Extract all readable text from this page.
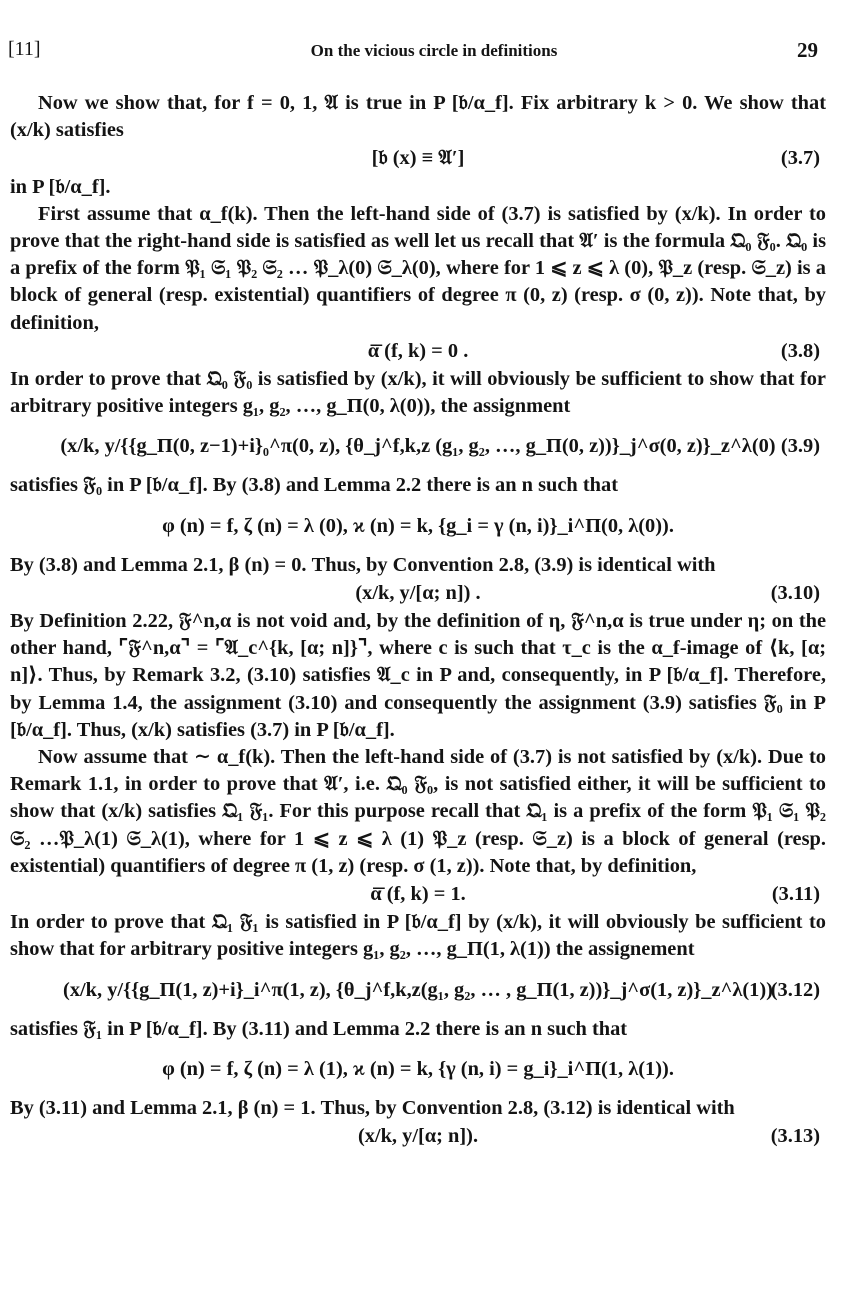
[11]	On the vicious circle in definitions	29

Now we show that, for f = 0, 1, 𝔄 is true in P [𝔟/α_f]. Fix arbitrary k > 0. We show that (x/k) satisfies

[𝔟 (x) ≡ 𝔄′]	(3.7)

in P [𝔟/α_f].

First assume that α_f(k). Then the left-hand side of (3.7) is satisfied by (x/k). In order to prove that the right-hand side is satisfied as well let us recall that 𝔄′ is the formula 𝔔₀ 𝔉₀. 𝔔₀ is a prefix of the form 𝔓₁ 𝔖₁ 𝔓₂ 𝔖₂ … 𝔓_λ(0) 𝔖_λ(0), where for 1 ⩽ z ⩽ λ (0), 𝔓_z (resp. 𝔖_z) is a block of general (resp. existential) quantifiers of degree π (0, z) (resp. σ (0, z)). Note that, by definition,

ᾱ̄ (f, k) = 0 .	(3.8)

In order to prove that 𝔔₀ 𝔉₀ is satisfied by (x/k), it will obviously be sufficient to show that for arbitrary positive integers g₁, g₂, …, g_Π(0, λ(0)), the assignment

(x/k, y/{{g_Π(0, z−1)+i}₀^π(0, z), {θ_j^f,k,z (g₁, g₂, …, g_Π(0, z))}_j^σ(0, z)}_z^λ(0) (3.9)

satisfies 𝔉₀ in P [𝔟/α_f]. By (3.8) and Lemma 2.2 there is an n such that

φ (n) = f, ζ (n) = λ (0), ϰ (n) = k, {g_i = γ (n, i)}_i^Π(0, λ(0)).

By (3.8) and Lemma 2.1, β (n) = 0. Thus, by Convention 2.8, (3.9) is identical with

(x/k, y/[α; n]) .	(3.10)

By Definition 2.22, 𝔉^n,α is not void and, by the definition of η, 𝔉^n,α is true under η; on the other hand, ⌜𝔉^n,α⌝ = ⌜𝔄_c^{k, [α; n]}⌝, where c is such that τ_c is the α_f-image of ⟨k, [α; n]⟩. Thus, by Remark 3.2, (3.10) satisfies 𝔄_c in P and, consequently, in P [𝔟/α_f]. Therefore, by Lemma 1.4, the assignment (3.10) and consequently the assignment (3.9) satisfies 𝔉₀ in P [𝔟/α_f]. Thus, (x/k) satisfies (3.7) in P [𝔟/α_f].

Now assume that ∼ α_f(k). Then the left-hand side of (3.7) is not satisfied by (x/k). Due to Remark 1.1, in order to prove that 𝔄′, i.e. 𝔔₀ 𝔉₀, is not satisfied either, it will be sufficient to show that (x/k) satisfies 𝔔₁ 𝔉₁. For this purpose recall that 𝔔₁ is a prefix of the form 𝔓₁ 𝔖₁ 𝔓₂ 𝔖₂ …𝔓_λ(1) 𝔖_λ(1), where for 1 ⩽ z ⩽ λ (1) 𝔓_z (resp. 𝔖_z) is a block of general (resp. existential) quantifiers of degree π (1, z) (resp. σ (1, z)). Note that, by definition,

ᾱ̄ (f, k) = 1.	(3.11)

In order to prove that 𝔔₁ 𝔉₁ is satisfied in P [𝔟/α_f] by (x/k), it will obviously be sufficient to show that for arbitrary positive integers g₁, g₂, …, g_Π(1, λ(1)) the assignement

(x/k, y/{{g_Π(1, z)+i}_i^π(1, z), {θ_j^f,k,z(g₁, g₂, … , g_Π(1, z))}_j^σ(1, z)}_z^λ(1))
(3.12)

satisfies 𝔉₁ in P [𝔟/α_f]. By (3.11) and Lemma 2.2 there is an n such that

φ (n) = f, ζ (n) = λ (1), ϰ (n) = k, {γ (n, i) = g_i}_i^Π(1, λ(1)).

By (3.11) and Lemma 2.1, β (n) = 1. Thus, by Convention 2.8, (3.12) is identical with

(x/k, y/[α; n]).	(3.13)
